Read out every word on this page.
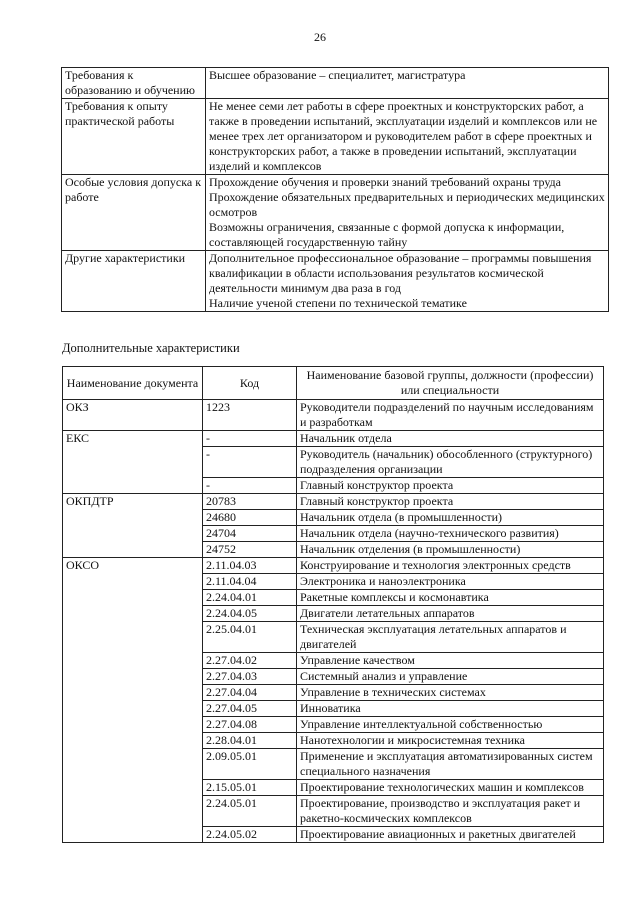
26
Требования к образованию и обучению	Высшее образование – специалитет, магистратура

Требования к опыту практической работы	Не менее семи лет работы в сфере проектных и конструкторских работ, а также в проведении испытаний, эксплуатации изделий и комплексов или не менее трех лет организатором и руководителем работ в сфере проектных и конструкторских работ, а также в проведении испытаний, эксплуатации изделий и комплексов

Особые условия допуска к работе	Прохождение обучения и проверки знаний требований охраны труда
Прохождение обязательных предварительных и периодических медицинских осмотров
Возможны ограничения, связанные с формой допуска к информации, составляющей государственную тайну

Другие характеристики	Дополнительное профессиональное образование – программы повышения квалификации в области использования результатов космической деятельности минимум два раза в год
Наличие ученой степени по технической тематике
Дополнительные характеристики
Наименование документа	Код	Наименование базовой группы, должности (профессии) или специальности
ОКЗ	1223	Руководители подразделений по научным исследованиям и разработкам
ЕКС	-	Начальник отдела
	-	Руководитель (начальник) обособленного (структурного) подразделения организации
	-	Главный конструктор проекта
ОКПДТР	20783	Главный конструктор проекта
	24680	Начальник отдела (в промышленности)
	24704	Начальник отдела (научно-технического развития)
	24752	Начальник отделения (в промышленности)
ОКСО	2.11.04.03	Конструирование и технология электронных средств
	2.11.04.04	Электроника и наноэлектроника
	2.24.04.01	Ракетные комплексы и космонавтика
	2.24.04.05	Двигатели летательных аппаратов
	2.25.04.01	Техническая эксплуатация летательных аппаратов и двигателей
	2.27.04.02	Управление качеством
	2.27.04.03	Системный анализ и управление
	2.27.04.04	Управление в технических системах
	2.27.04.05	Инноватика
	2.27.04.08	Управление интеллектуальной собственностью
	2.28.04.01	Нанотехнологии и микросистемная техника
	2.09.05.01	Применение и эксплуатация автоматизированных систем специального назначения
	2.15.05.01	Проектирование технологических машин и комплексов
	2.24.05.01	Проектирование, производство и эксплуатация ракет и ракетно-космических комплексов
	2.24.05.02	Проектирование авиационных и ракетных двигателей
